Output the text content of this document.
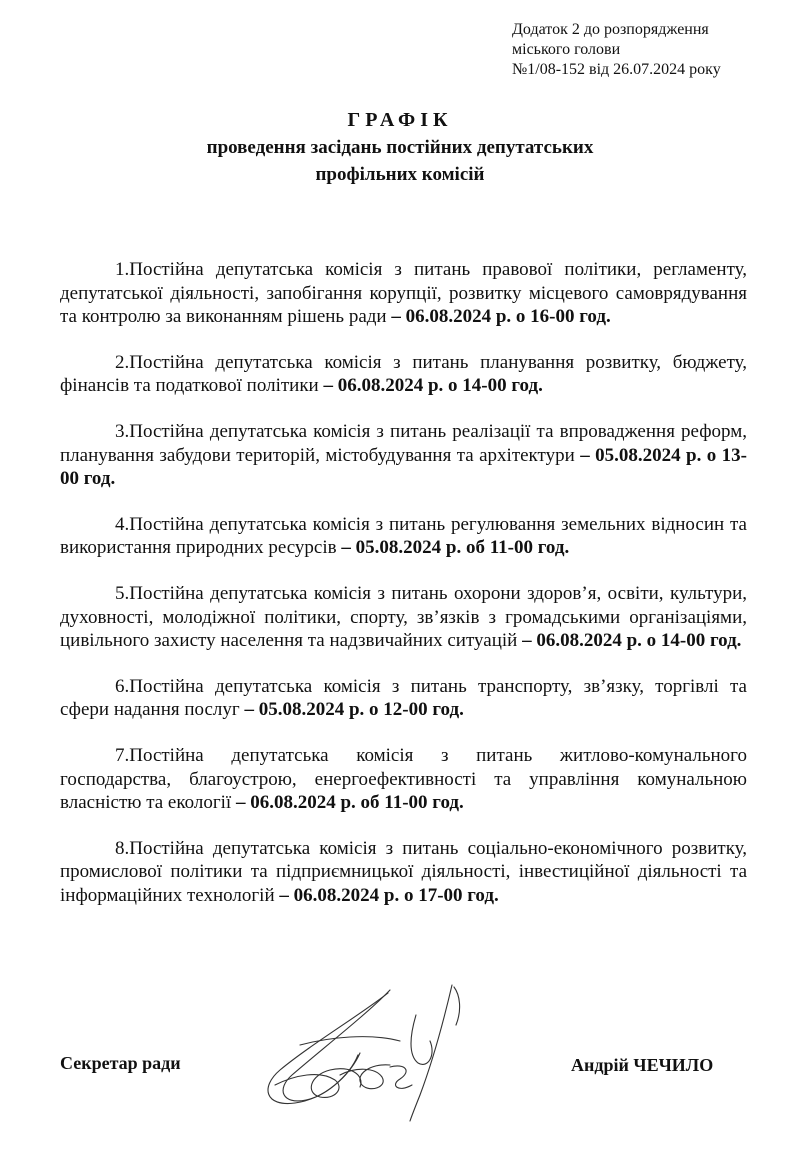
Додаток 2 до розпорядження
міського голови
№1/08-152 від 26.07.2024 року
ГРАФІК
проведення засідань постійних депутатських
профільних комісій

1.Постійна депутатська комісія з питань правової політики, регламенту, депутатської діяльності, запобігання корупції, розвитку місцевого самоврядування та контролю за виконанням рішень ради – 06.08.2024 р. о 16-00 год.

2.Постійна депутатська комісія з питань планування розвитку, бюджету, фінансів та податкової політики – 06.08.2024 р. о 14-00 год.

3.Постійна депутатська комісія з питань реалізації та впровадження реформ, планування забудови територій, містобудування та архітектури – 05.08.2024 р. о 13-00 год.

4.Постійна депутатська комісія з питань регулювання земельних відносин та використання природних ресурсів – 05.08.2024 р. об 11-00 год.

5.Постійна депутатська комісія з питань охорони здоров’я, освіти, культури, духовності, молодіжної політики, спорту, зв’язків з громадськими організаціями, цивільного захисту населення та надзвичайних ситуацій – 06.08.2024 р. о 14-00 год.

6.Постійна депутатська комісія з питань транспорту, зв’язку, торгівлі та сфери надання послуг – 05.08.2024 р. о 12-00 год.

7.Постійна депутатська комісія з питань житлово-комунального господарства, благоустрою, енергоефективності та управління комунальною власністю та екології – 06.08.2024 р. об 11-00 год.

8.Постійна депутатська комісія з питань соціально-економічного розвитку, промислової політики та підприємницької діяльності, інвестиційної діяльності та інформаційних технологій – 06.08.2024 р. о 17-00 год.

Секретар ради	Андрій ЧЕЧИЛО
